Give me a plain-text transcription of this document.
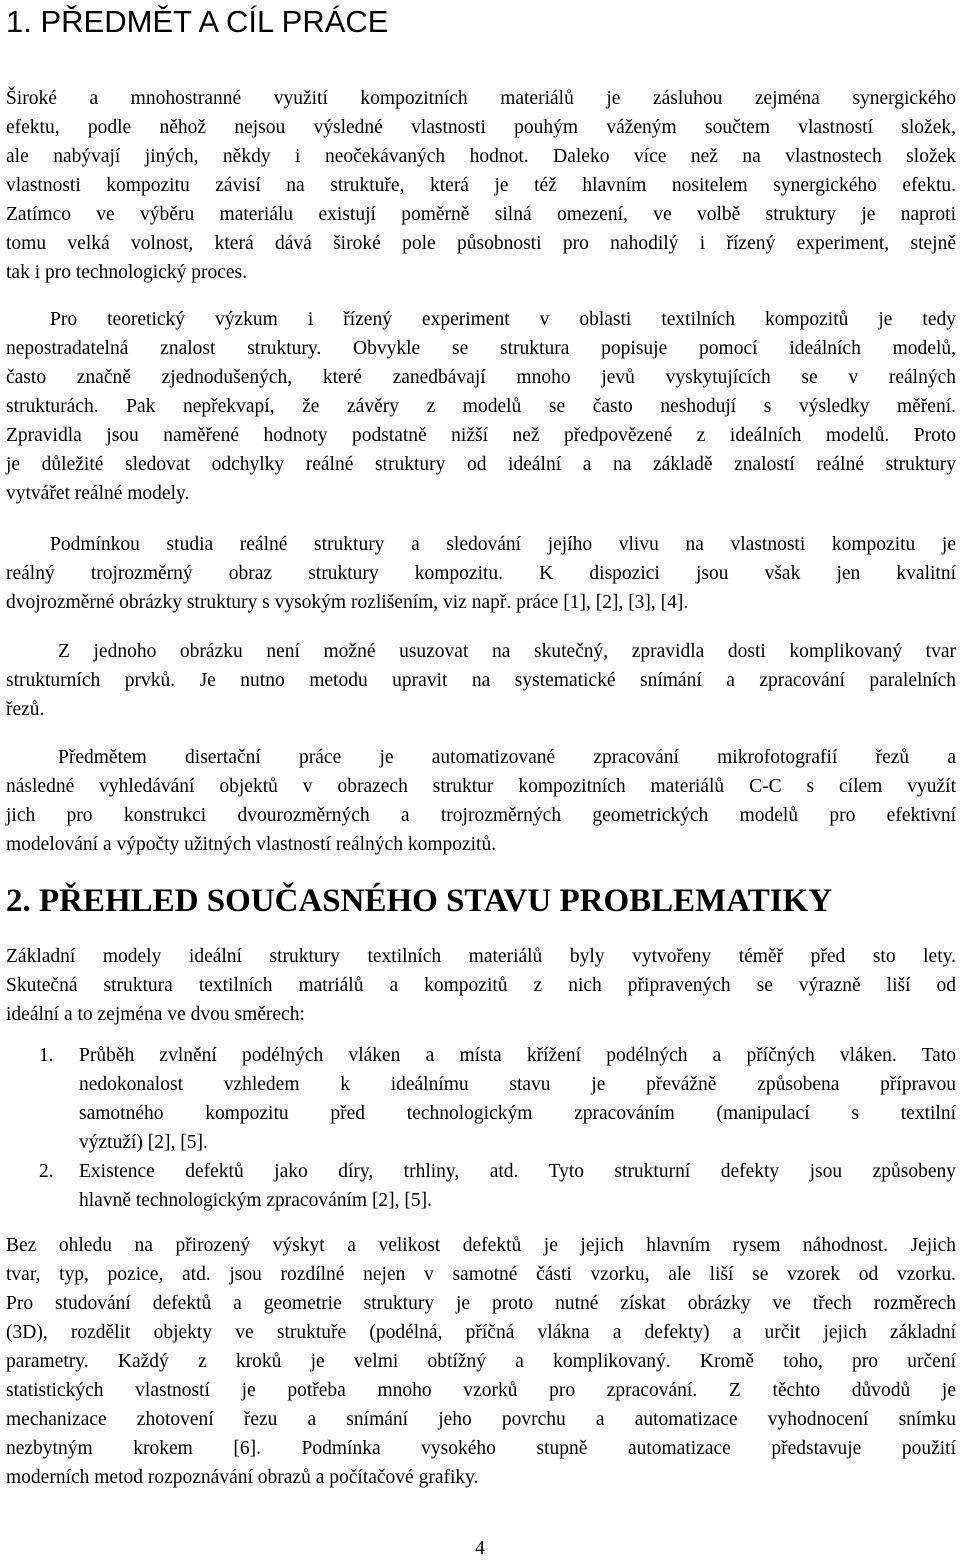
1. PŘEDMĚT A CÍL PRÁCE
Široké a mnohostranné využití kompozitních materiálů je zásluhou zejména synergického
efektu, podle něhož nejsou výsledné vlastnosti pouhým váženým součtem vlastností složek,
ale nabývají jiných, někdy i neočekávaných hodnot. Daleko více než na vlastnostech složek
vlastnosti kompozitu závisí na struktuře, která je též hlavním nositelem synergického efektu.
Zatímco ve výběru materiálu existují poměrně silná omezení, ve volbě struktury je naproti
tomu velká volnost, která dává široké pole působnosti pro nahodilý i řízený experiment, stejně
tak i pro technologický proces.
Pro teoretický výzkum i řízený experiment v oblasti textilních kompozitů je tedy
nepostradatelná znalost struktury. Obvykle se struktura popisuje pomocí ideálních modelů,
často značně zjednodušených, které zanedbávají mnoho jevů vyskytujících se v reálných
strukturách. Pak nepřekvapí, že závěry z modelů se často neshodují s výsledky měření.
Zpravidla jsou naměřené hodnoty podstatně nižší než předpovězené z ideálních modelů. Proto
je důležité sledovat odchylky reálné struktury od ideální a na základě znalostí reálné struktury
vytvářet reálné modely.
Podmínkou studia reálné struktury a sledování jejího vlivu na vlastnosti kompozitu je
reálný trojrozměrný obraz struktury kompozitu. K dispozici jsou však jen kvalitní
dvojrozměrné obrázky struktury s vysokým rozlišením, viz např. práce [1], [2], [3], [4].
Z jednoho obrázku není možné usuzovat na skutečný, zpravidla dosti komplikovaný tvar
strukturních prvků. Je nutno metodu upravit na systematické snímání a zpracování paralelních
řezů.
Předmětem disertační práce je automatizované zpracování mikrofotografií řezů a
následné vyhledávání objektů v obrazech struktur kompozitních materiálů C-C s cílem využít
jich pro konstrukci dvourozměrných a trojrozměrných geometrických modelů pro efektivní
modelování a výpočty užitných vlastností reálných kompozitů.
2. PŘEHLED SOUČASNÉHO STAVU PROBLEMATIKY
Základní modely ideální struktury textilních materiálů byly vytvořeny téměř před sto lety.
Skutečná struktura textilních matriálů a kompozitů z nich připravených se výrazně liší od
ideální a to zejména ve dvou směrech:
1. Průběh zvlnění podélných vláken a místa křížení podélných a příčných vláken. Tato
nedokonalost vzhledem k ideálnímu stavu je převážně způsobena přípravou
samotného kompozitu před technologickým zpracováním (manipulací s textilní
výztuží) [2], [5].
2. Existence defektů jako díry, trhliny, atd. Tyto strukturní defekty jsou způsobeny
hlavně technologickým zpracováním [2], [5].
Bez ohledu na přirozený výskyt a velikost defektů je jejich hlavním rysem náhodnost. Jejich
tvar, typ, pozice, atd. jsou rozdílné nejen v samotné části vzorku, ale liší se vzorek od vzorku.
Pro studování defektů a geometrie struktury je proto nutné získat obrázky ve třech rozměrech
(3D), rozdělit objekty ve struktuře (podélná, příčná vlákna a defekty) a určit jejich základní
parametry. Každý z kroků je velmi obtížný a komplikovaný. Kromě toho, pro určení
statistických vlastností je potřeba mnoho vzorků pro zpracování. Z těchto důvodů je
mechanizace zhotovení řezu a snímání jeho povrchu a automatizace vyhodnocení snímku
nezbytným krokem [6]. Podmínka vysokého stupně automatizace představuje použití
moderních metod rozpoznávání obrazů a počítačové grafiky.
4
